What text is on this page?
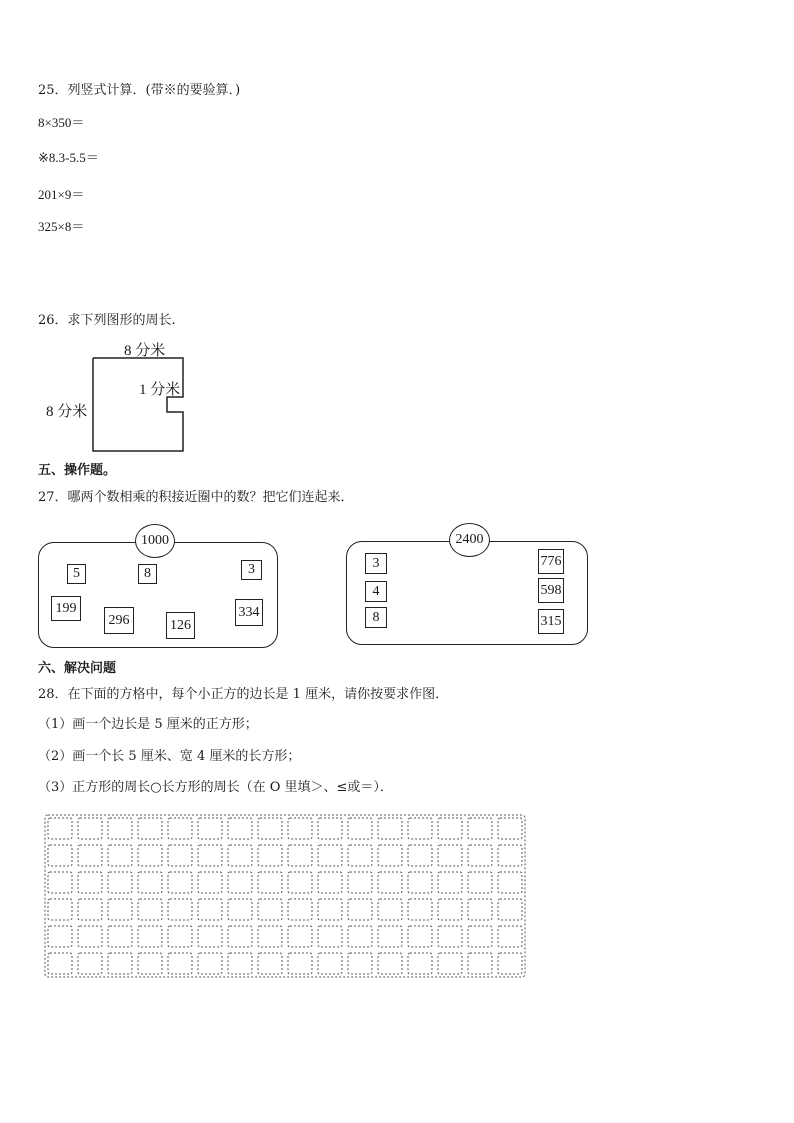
25．列竖式计算．(带※的要验算．)
8×350＝
※8.3-5.5＝
201×9＝
325×8＝
26．求下列图形的周长.
8 分米
8 分米
1 分米
五、操作题。
27．哪两个数相乘的积接近圈中的数？把它们连起来．
1000
5	8	3
199
296	126
334
2400
3
4
8
776
598
315
六、解决问题
28．在下面的方格中，每个小正方的边长是 1 厘米，请你按要求作图．
（1）画一个边长是 5 厘米的正方形；
（2）画一个长 5 厘米、宽 4 厘米的长方形；
（3）正方形的周长○长方形的周长（在 O 里填＞、≤或＝）．
